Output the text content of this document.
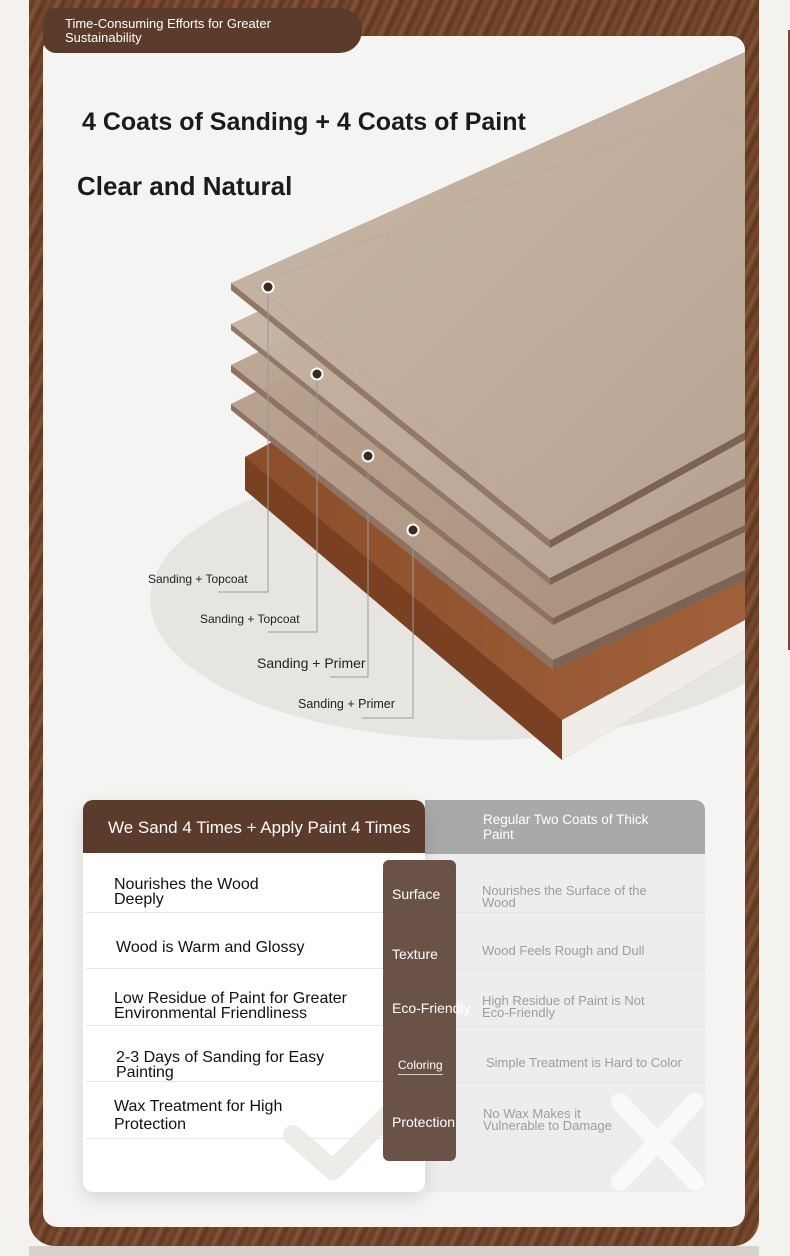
Time-Consuming Efforts for Greater Sustainability
4 Coats of Sanding + 4 Coats of Paint
Clear and Natural
Sanding + Topcoat
Sanding + Topcoat
Sanding + Primer
Sanding + Primer
Regular Two Coats of Thick Paint
Nourishes the Surface of the Wood
Wood Feels Rough and Dull
High Residue of Paint is Not Eco-Friendly
Simple Treatment is Hard to Color
No Wax Makes it Vulnerable to Damage
We Sand 4 Times + Apply Paint 4 Times
Nourishes the Wood Deeply
Wood is Warm and Glossy
Low Residue of Paint for Greater Environmental Friendliness
2-3 Days of Sanding for Easy Painting
Wax Treatment for High Protection
Surface
Texture
Eco-Friendly
Coloring
Protection
